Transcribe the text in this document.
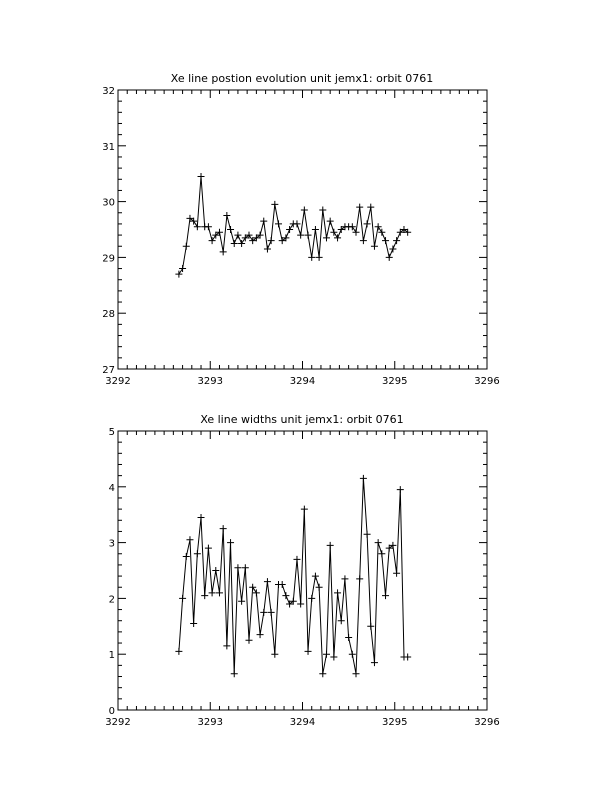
Xe line postion evolution unit jemx1: orbit 0761
3292	3293	3294	3295	3296
27
28
29
30
31
32
Xe line widths unit jemx1: orbit 0761
3292	3293	3294	3295	3296
0
1
2
3
4
5
